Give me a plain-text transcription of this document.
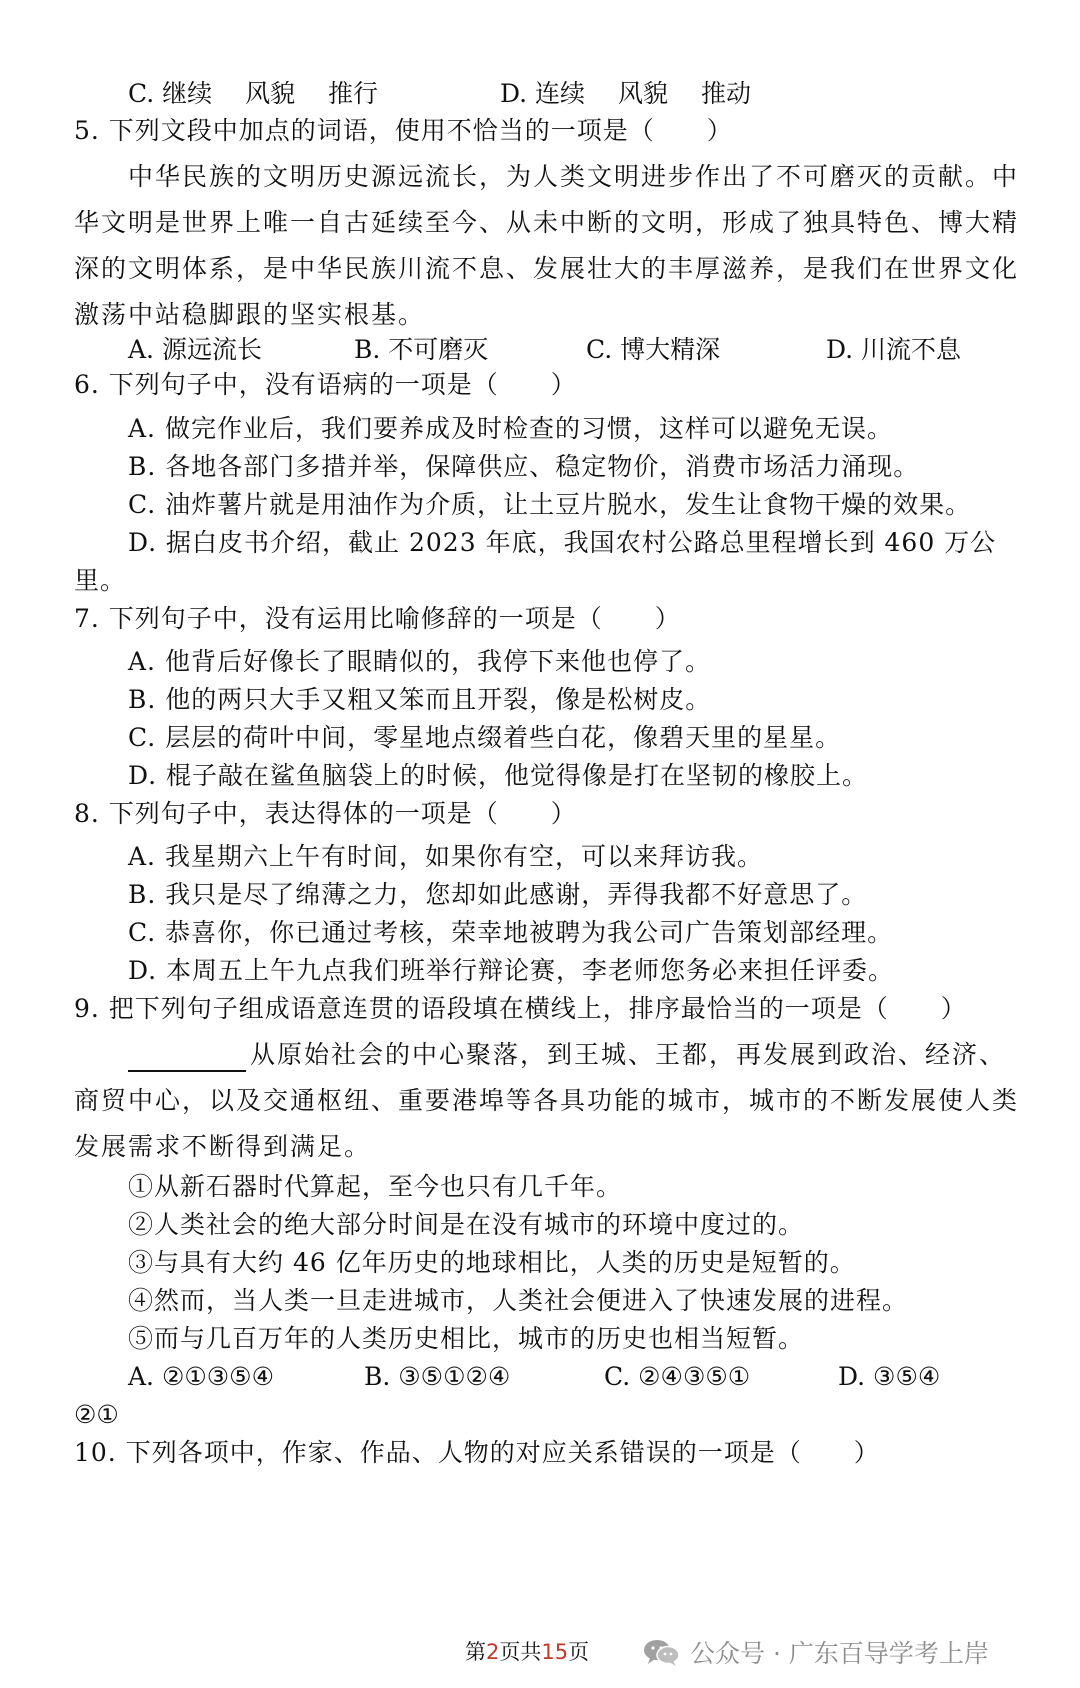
C. 继续　 风貌　 推行	D. 连续　 风貌　 推动
5. 下列文段中加点的词语，使用不恰当的一项是（　　）
中华民族的文明历史源远流长，为人类文明进步作出了不可磨灭的贡献。中
华文明是世界上唯一自古延续至今、从未中断的文明，形成了独具特色、博大精
深的文明体系，是中华民族川流不息、发展壮大的丰厚滋养，是我们在世界文化
激荡中站稳脚跟的坚实根基。
A. 源远流长	B. 不可磨灭	C. 博大精深	D. 川流不息
6. 下列句子中，没有语病的一项是（　　）
A. 做完作业后，我们要养成及时检查的习惯，这样可以避免无误。
B. 各地各部门多措并举，保障供应、稳定物价，消费市场活力涌现。
C. 油炸薯片就是用油作为介质，让土豆片脱水，发生让食物干燥的效果。
D. 据白皮书介绍，截止 2023 年底，我国农村公路总里程增长到 460 万公
里。
7. 下列句子中，没有运用比喻修辞的一项是（　　）
A. 他背后好像长了眼睛似的，我停下来他也停了。
B. 他的两只大手又粗又笨而且开裂，像是松树皮。
C. 层层的荷叶中间，零星地点缀着些白花，像碧天里的星星。
D. 棍子敲在鲨鱼脑袋上的时候，他觉得像是打在坚韧的橡胶上。
8. 下列句子中，表达得体的一项是（　　）
A. 我星期六上午有时间，如果你有空，可以来拜访我。
B. 我只是尽了绵薄之力，您却如此感谢，弄得我都不好意思了。
C. 恭喜你，你已通过考核，荣幸地被聘为我公司广告策划部经理。
D. 本周五上午九点我们班举行辩论赛，李老师您务必来担任评委。
9. 把下列句子组成语意连贯的语段填在横线上，排序最恰当的一项是（　　）
从原始社会的中心聚落，到王城、王都，再发展到政治、经济、
商贸中心，以及交通枢纽、重要港埠等各具功能的城市，城市的不断发展使人类
发展需求不断得到满足。
①从新石器时代算起，至今也只有几千年。
②人类社会的绝大部分时间是在没有城市的环境中度过的。
③与具有大约 46 亿年历史的地球相比，人类的历史是短暂的。
④然而，当人类一旦走进城市，人类社会便进入了快速发展的进程。
⑤而与几百万年的人类历史相比，城市的历史也相当短暂。
A. ②①③⑤④	B. ③⑤①②④	C. ②④③⑤①	D. ③⑤④
②①
10. 下列各项中，作家、作品、人物的对应关系错误的一项是（　　）
第2页共15页	公众号 · 广东百导学考上岸
